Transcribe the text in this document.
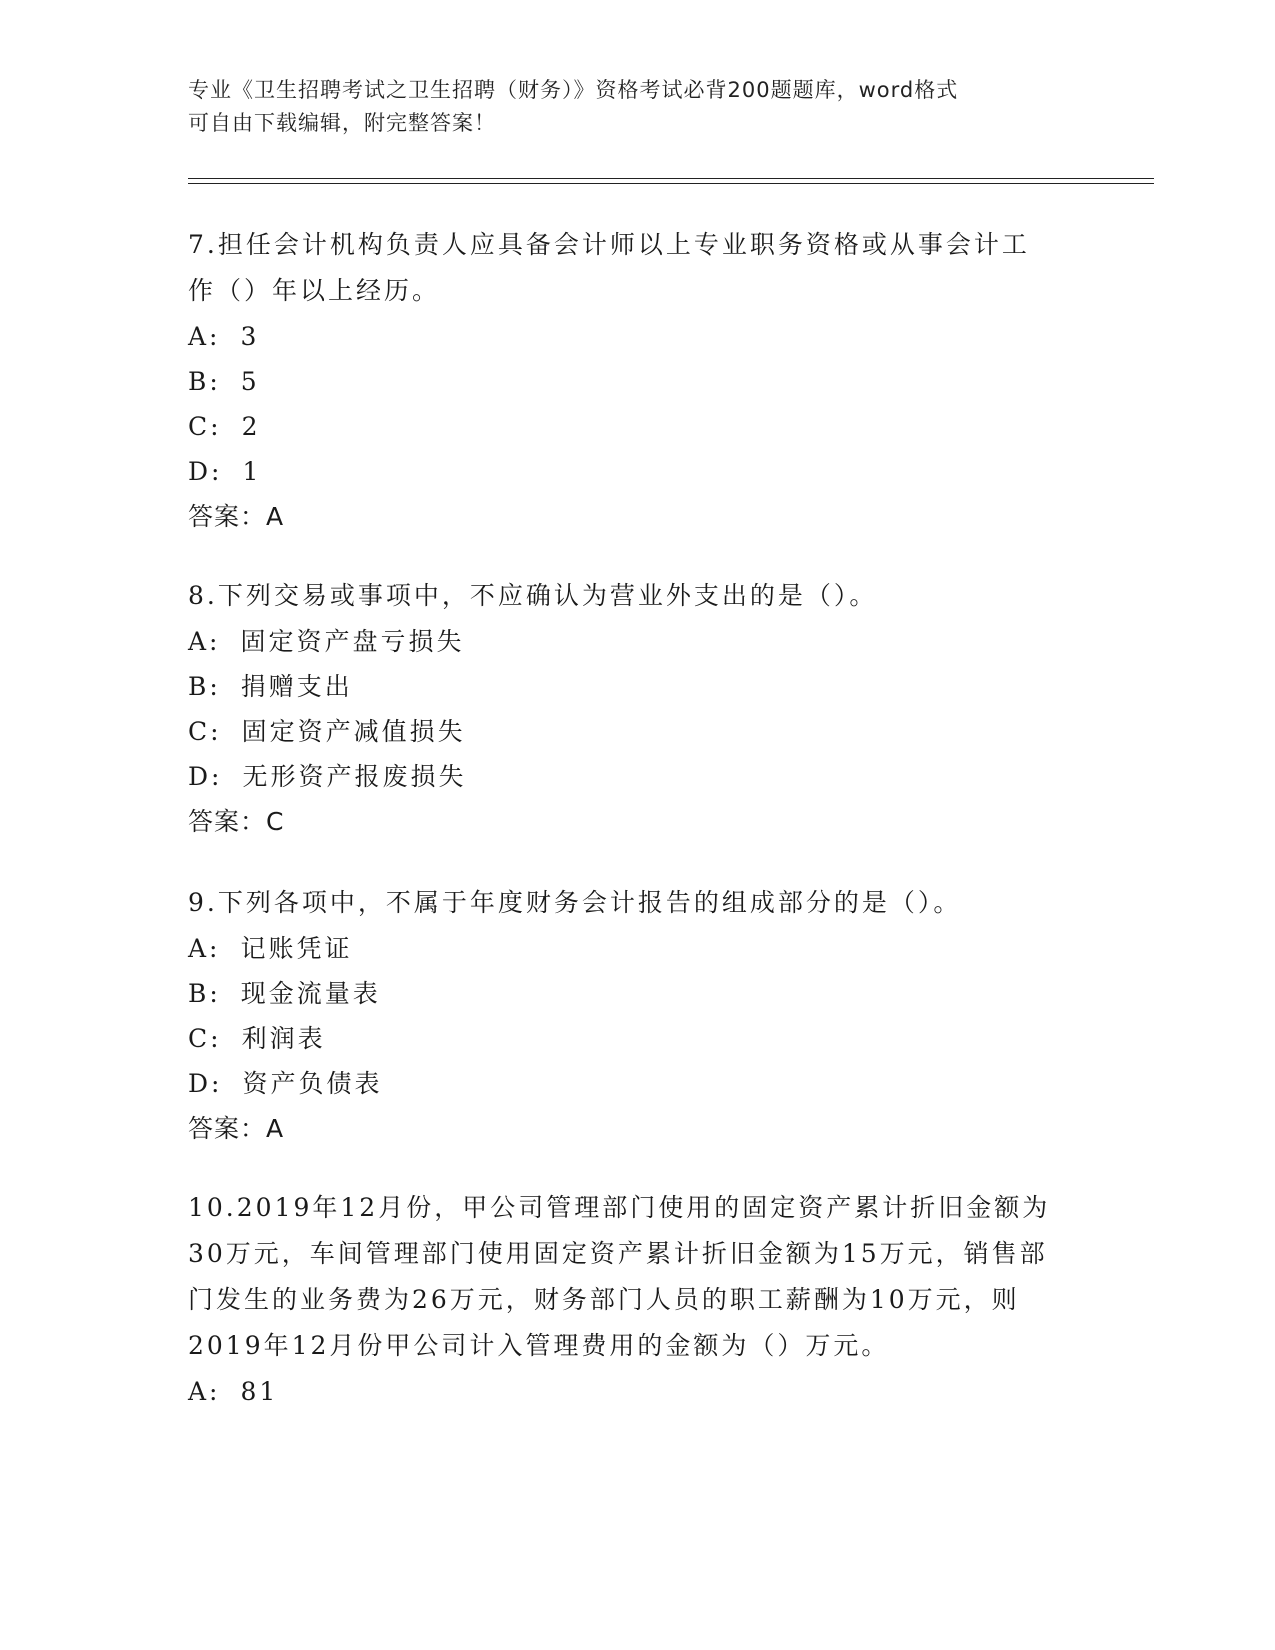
专业《卫生招聘考试之卫生招聘（财务）》资格考试必背200题题库，word格式
可自由下载编辑，附完整答案！
7.担任会计机构负责人应具备会计师以上专业职务资格或从事会计工
作（）年以上经历。
A: 3
B: 5
C: 2
D: 1
答案：A
8.下列交易或事项中，不应确认为营业外支出的是（）。
A: 固定资产盘亏损失
B: 捐赠支出
C: 固定资产减值损失
D: 无形资产报废损失
答案：C
9.下列各项中，不属于年度财务会计报告的组成部分的是（）。
A: 记账凭证
B: 现金流量表
C: 利润表
D: 资产负债表
答案：A
10.2019年12月份，甲公司管理部门使用的固定资产累计折旧金额为
30万元，车间管理部门使用固定资产累计折旧金额为15万元，销售部
门发生的业务费为26万元，财务部门人员的职工薪酬为10万元，则
2019年12月份甲公司计入管理费用的金额为（）万元。
A: 81
